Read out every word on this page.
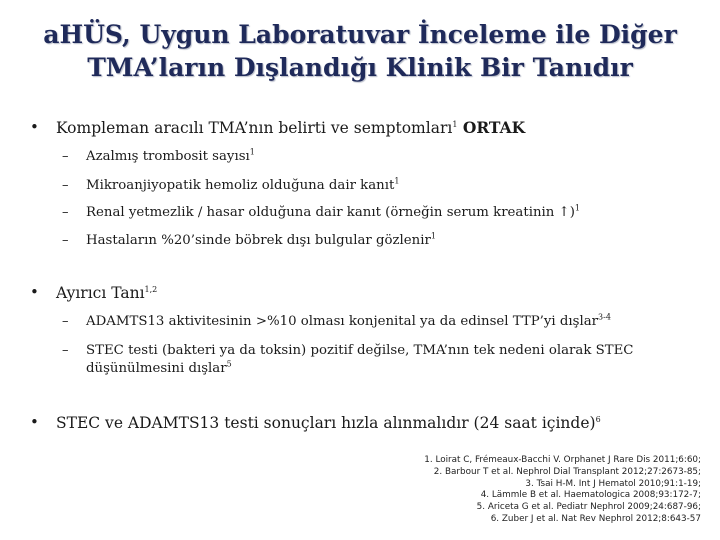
aHÜS, Uygun Laboratuvar İnceleme ile Diğer
TMA’ların Dışlandığı Klinik Bir Tanıdır
• Kompleman aracılı TMA’nın belirti ve semptomları$^1$ ORTAK
– Azalmış trombosit sayısı$^1$
– Mikroanjiyopatik hemoliz olduğuna dair kanıt$^1$
– Renal yetmezlik / hasar olduğuna dair kanıt (örneğin serum kreatinin ↑)$^1$
– Hastaların %20’sinde böbrek dışı bulgular gözlenir$^1$
• Ayırıcı Tanı$^{1,2}$
– ADAMTS13 aktivitesinin >%10 olması konjenital ya da edinsel TTP’yi dışlar$^{3-4}$
– STEC testi (bakteri ya da toksin) pozitif değilse, TMA’nın tek nedeni olarak STEC düşünülmesini dışlar$^5$
• STEC ve ADAMTS13 testi sonuçları hızla alınmalıdır (24 saat içinde)$^6$
1. Loirat C, Frémeaux-Bacchi V. Orphanet J Rare Dis 2011;6:60;
2. Barbour T et al. Nephrol Dial Transplant 2012;27:2673-85;
3. Tsai H-M. Int J Hematol 2010;91:1-19;
4. Lämmle B et al. Haematologica 2008;93:172-7;
5. Ariceta G et al. Pediatr Nephrol 2009;24:687-96;
6. Zuber J et al. Nat Rev Nephrol 2012;8:643-57
